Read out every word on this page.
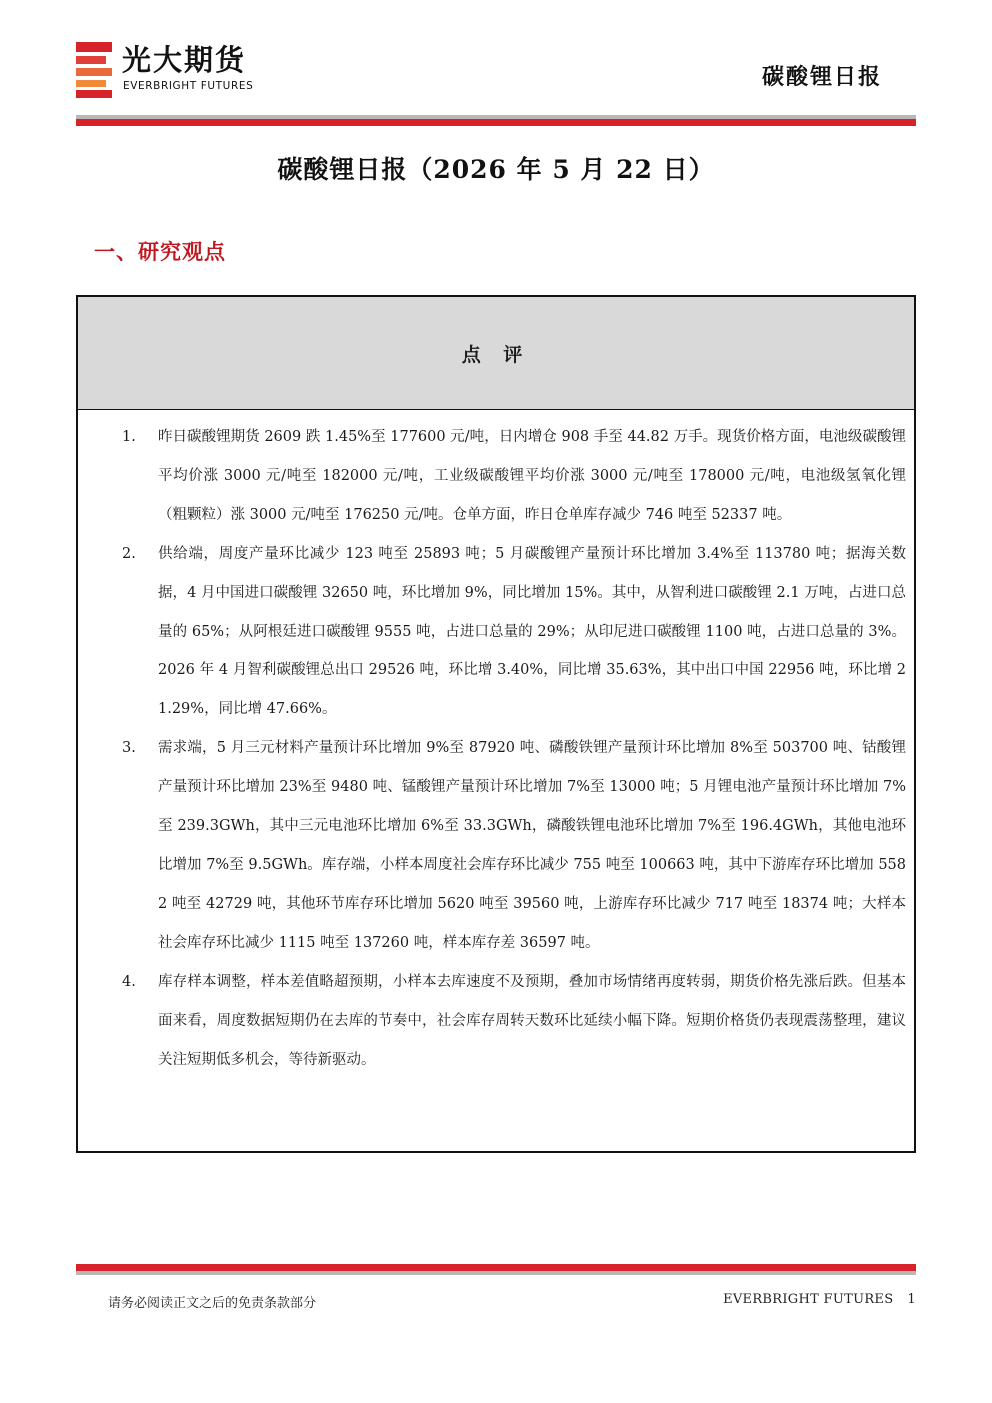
光大期货
EVERBRIGHT FUTURES	碳酸锂日报
碳酸锂日报（2026 年 5 月 22 日）
一、研究观点
点 评
1. 昨日碳酸锂期货 2609 跌 1.45%至 177600 元/吨，日内增仓 908 手至 44.82 万手。现货价格方面，电池级碳酸锂平均价涨 3000 元/吨至 182000 元/吨，工业级碳酸锂平均价涨 3000 元/吨至 178000 元/吨，电池级氢氧化锂（粗颗粒）涨 3000 元/吨至 176250 元/吨。仓单方面，昨日仓单库存减少 746 吨至 52337 吨。
2. 供给端，周度产量环比减少 123 吨至 25893 吨；5 月碳酸锂产量预计环比增加 3.4%至 113780 吨；据海关数据，4 月中国进口碳酸锂 32650 吨，环比增加 9%，同比增加 15%。其中，从智利进口碳酸锂 2.1 万吨，占进口总量的 65%；从阿根廷进口碳酸锂 9555 吨，占进口总量的 29%；从印尼进口碳酸锂 1100 吨，占进口总量的 3%。2026 年 4 月智利碳酸锂总出口 29526 吨，环比增 3.40%，同比增 35.63%，其中出口中国 22956 吨，环比增 21.29%，同比增 47.66%。
3. 需求端，5 月三元材料产量预计环比增加 9%至 87920 吨、磷酸铁锂产量预计环比增加 8%至 503700 吨、钴酸锂产量预计环比增加 23%至 9480 吨、锰酸锂产量预计环比增加 7%至 13000 吨；5 月锂电池产量预计环比增加 7%至 239.3GWh，其中三元电池环比增加 6%至 33.3GWh，磷酸铁锂电池环比增加 7%至 196.4GWh，其他电池环比增加 7%至 9.5GWh。库存端，小样本周度社会库存环比减少 755 吨至 100663 吨，其中下游库存环比增加 5582 吨至 42729 吨，其他环节库存环比增加 5620 吨至 39560 吨，上游库存环比减少 717 吨至 18374 吨；大样本社会库存环比减少 1115 吨至 137260 吨，样本库存差 36597 吨。
4. 库存样本调整，样本差值略超预期，小样本去库速度不及预期，叠加市场情绪再度转弱，期货价格先涨后跌。但基本面来看，周度数据短期仍在去库的节奏中，社会库存周转天数环比延续小幅下降。短期价格货仍表现震荡整理，建议关注短期低多机会，等待新驱动。
请务必阅读正文之后的免责条款部分	EVERBRIGHT FUTURES 1
